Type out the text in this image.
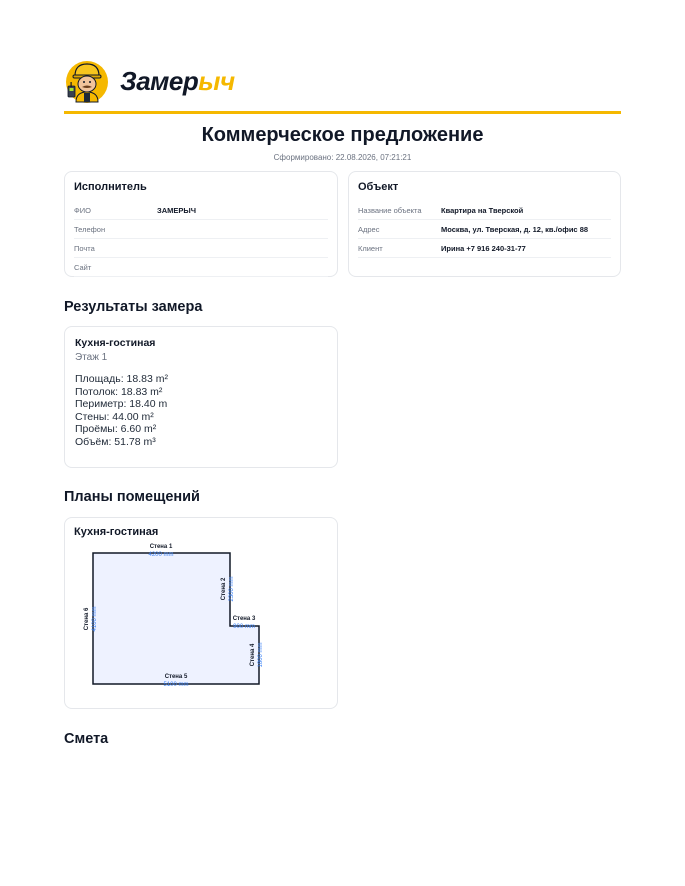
Замерыч
Коммерческое предложение
Сформировано: 22.08.2026, 07:21:21
Исполнитель
ФИО	ЗАМЕРЫЧ
Телефон
Почта
Сайт
Объект
Название объекта	Квартира на Тверской
Адрес	Москва, ул. Тверская, д. 12, кв./офис 88
Клиент	Ирина +7 916 240-31-77
Результаты замера
Кухня-гостиная
Этаж 1
Площадь: 18.83 m²
Потолок: 18.83 m²
Периметр: 18.40 m
Стены: 44.00 m²
Проёмы: 6.60 m²
Объём: 51.78 m³
Планы помещений
Кухня-гостиная
Стена 1
4200 mm
Стена 2 2300 mm
Стена 3
900 mm
Стена 4 1800 mm
Стена 5
5100 mm
Стена 6 4100 mm
Смета
